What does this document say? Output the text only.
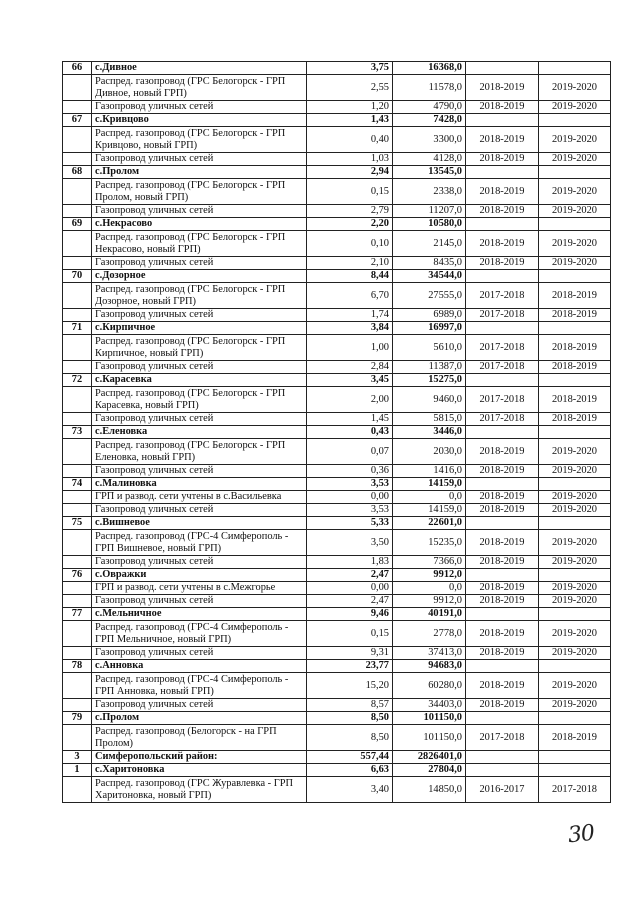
66	с.Дивное	3,75	16368,0		
	Распред. газопровод (ГРС Белогорск - ГРП Дивное, новый ГРП)	2,55	11578,0	2018-2019	2019-2020
	Газопровод уличных сетей	1,20	4790,0	2018-2019	2019-2020
67	с.Кривцово	1,43	7428,0		
	Распред. газопровод (ГРС Белогорск - ГРП Кривцово, новый ГРП)	0,40	3300,0	2018-2019	2019-2020
	Газопровод уличных сетей	1,03	4128,0	2018-2019	2019-2020
68	с.Пролом	2,94	13545,0		
	Распред. газопровод (ГРС Белогорск - ГРП Пролом, новый ГРП)	0,15	2338,0	2018-2019	2019-2020
	Газопровод уличных сетей	2,79	11207,0	2018-2019	2019-2020
69	с.Некрасово	2,20	10580,0		
	Распред. газопровод (ГРС Белогорск - ГРП Некрасово, новый ГРП)	0,10	2145,0	2018-2019	2019-2020
	Газопровод уличных сетей	2,10	8435,0	2018-2019	2019-2020
70	с.Дозорное	8,44	34544,0		
	Распред. газопровод (ГРС Белогорск - ГРП Дозорное, новый ГРП)	6,70	27555,0	2017-2018	2018-2019
	Газопровод уличных сетей	1,74	6989,0	2017-2018	2018-2019
71	с.Кирпичное	3,84	16997,0		
	Распред. газопровод (ГРС Белогорск - ГРП Кирпичное, новый ГРП)	1,00	5610,0	2017-2018	2018-2019
	Газопровод уличных сетей	2,84	11387,0	2017-2018	2018-2019
72	с.Карасевка	3,45	15275,0		
	Распред. газопровод (ГРС Белогорск - ГРП Карасевка, новый ГРП)	2,00	9460,0	2017-2018	2018-2019
	Газопровод уличных сетей	1,45	5815,0	2017-2018	2018-2019
73	с.Еленовка	0,43	3446,0		
	Распред. газопровод (ГРС Белогорск - ГРП Еленовка, новый ГРП)	0,07	2030,0	2018-2019	2019-2020
	Газопровод уличных сетей	0,36	1416,0	2018-2019	2019-2020
74	с.Малиновка	3,53	14159,0		
	ГРП и развод. сети учтены в с.Васильевка	0,00	0,0	2018-2019	2019-2020
	Газопровод уличных сетей	3,53	14159,0	2018-2019	2019-2020
75	с.Вишневое	5,33	22601,0		
	Распред. газопровод (ГРС-4 Симферополь - ГРП Вишневое, новый ГРП)	3,50	15235,0	2018-2019	2019-2020
	Газопровод уличных сетей	1,83	7366,0	2018-2019	2019-2020
76	с.Овражки	2,47	9912,0		
	ГРП и развод. сети учтены в с.Межгорье	0,00	0,0	2018-2019	2019-2020
	Газопровод уличных сетей	2,47	9912,0	2018-2019	2019-2020
77	с.Мельничное	9,46	40191,0		
	Распред. газопровод (ГРС-4 Симферополь - ГРП Мельничное, новый ГРП)	0,15	2778,0	2018-2019	2019-2020
	Газопровод уличных сетей	9,31	37413,0	2018-2019	2019-2020
78	с.Анновка	23,77	94683,0		
	Распред. газопровод (ГРС-4 Симферополь - ГРП Анновка, новый ГРП)	15,20	60280,0	2018-2019	2019-2020
	Газопровод уличных сетей	8,57	34403,0	2018-2019	2019-2020
79	с.Пролом	8,50	101150,0		
	Распред. газопровод (Белогорск - на ГРП Пролом)	8,50	101150,0	2017-2018	2018-2019
3	Симферопольский район:	557,44	2826401,0		
1	с.Харитоновка	6,63	27804,0		
	Распред. газопровод (ГРС Журавлевка - ГРП Харитоновка, новый ГРП)	3,40	14850,0	2016-2017	2017-2018
30
